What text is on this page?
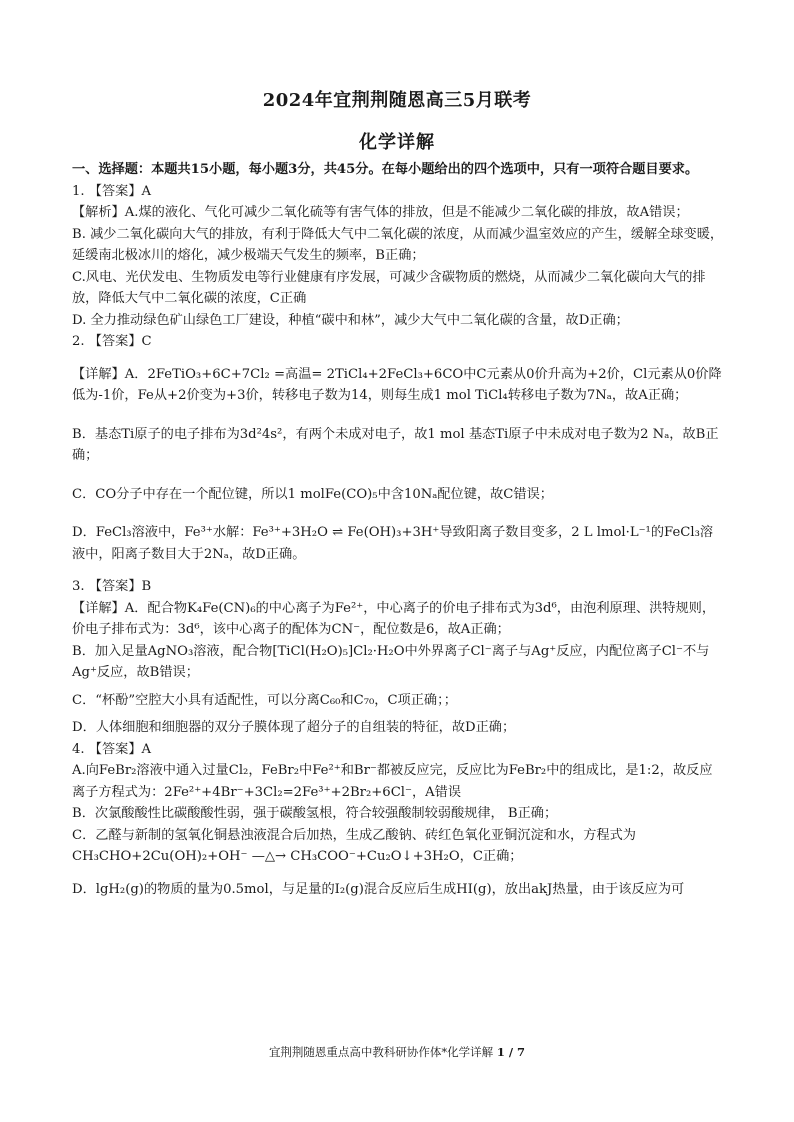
2024年宜荆荆随恩高三5月联考
化学详解

一、选择题：本题共15小题，每小题3分，共45分。在每小题给出的四个选项中，只有一项符合题目要求。

1. 【答案】A

【解析】A.煤的液化、气化可减少二氧化硫等有害气体的排放，但是不能减少二氧化碳的排放，故A错误；

B. 减少二氧化碳向大气的排放，有利于降低大气中二氧化碳的浓度，从而减少温室效应的产生，缓解全球变暖，延缓南北极冰川的熔化，减少极端天气发生的频率，B正确；

C.风电、光伏发电、生物质发电等行业健康有序发展，可减少含碳物质的燃烧，从而减少二氧化碳向大气的排放，降低大气中二氧化碳的浓度，C正确

D. 全力推动绿色矿山绿色工厂建设，种植“碳中和林”，减少大气中二氧化碳的含量，故D正确；

2. 【答案】C

【详解】A．2FeTiO₃+6C+7Cl₂ =高温= 2TiCl₄+2FeCl₃+6CO中C元素从0价升高为+2价，Cl元素从0价降低为-1价，Fe从+2价变为+3价，转移电子数为14，则每生成1 mol TiCl₄转移电子数为7Nₐ，故A正确；

B．基态Ti原子的电子排布为3d²4s²，有两个未成对电子，故1 mol 基态Ti原子中未成对电子数为2 Nₐ，故B正确；

C．CO分子中存在一个配位键，所以1 molFe(CO)₅中含10Nₐ配位键，故C错误；

D．FeCl₃溶液中，Fe³⁺水解：Fe³⁺+3H₂O ⇌ Fe(OH)₃+3H⁺导致阳离子数目变多，2 L lmol·L⁻¹的FeCl₃溶液中，阳离子数目大于2Nₐ，故D正确。

3. 【答案】B

【详解】A．配合物K₄Fe(CN)₆的中心离子为Fe²⁺，中心离子的价电子排布式为3d⁶，由泡利原理、洪特规则，价电子排布式为：3d⁶，该中心离子的配体为CN⁻，配位数是6，故A正确；

B．加入足量AgNO₃溶液，配合物[TiCl(H₂O)₅]Cl₂·H₂O中外界离子Cl⁻离子与Ag⁺反应，内配位离子Cl⁻不与Ag⁺反应，故B错误；

C．“杯酚”空腔大小具有适配性，可以分离C₆₀和C₇₀，C项正确；；

D．人体细胞和细胞器的双分子膜体现了超分子的自组装的特征，故D正确；

4. 【答案】A

A.向FeBr₂溶液中通入过量Cl₂，FeBr₂中Fe²⁺和Br⁻都被反应完，反应比为FeBr₂中的组成比，是1:2，故反应离子方程式为：2Fe²⁺+4Br⁻+3Cl₂=2Fe³⁺+2Br₂+6Cl⁻，A错误

B．次氯酸酸性比碳酸酸性弱，强于碳酸氢根，符合较强酸制较弱酸规律， B正确；

C．乙醛与新制的氢氧化铜悬浊液混合后加热，生成乙酸钠、砖红色氧化亚铜沉淀和水，方程式为CH₃CHO+2Cu(OH)₂+OH⁻ —△→ CH₃COO⁻+Cu₂O↓+3H₂O，C正确；

D．lgH₂(g)的物质的量为0.5mol，与足量的I₂(g)混合反应后生成HI(g)，放出akJ热量，由于该反应为可

宜荆荆随恩重点高中教科研协作体*化学详解 1 / 7
